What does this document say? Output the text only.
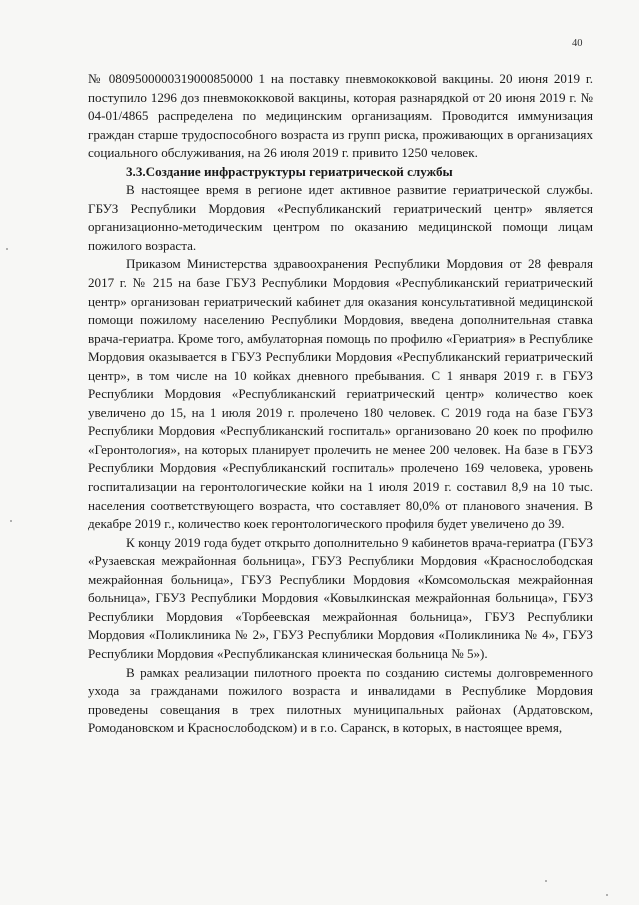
40

№ 0809500000319000850000 1 на поставку пневмококковой вакцины. 20 июня 2019 г. поступило 1296 доз пневмококковой вакцины, которая разнарядкой от 20 июня 2019 г. № 04-01/4865 распределена по медицинским организациям. Проводится иммунизация граждан старше трудоспособного возраста из групп риска, проживающих в организациях социального обслуживания, на 26 июля 2019 г. привито 1250 человек.

3.3.Создание инфраструктуры гериатрической службы

В настоящее время в регионе идет активное развитие гериатрической службы. ГБУЗ Республики Мордовия «Республиканский гериатрический центр» является организационно-методическим центром по оказанию медицинской помощи лицам пожилого возраста.

Приказом Министерства здравоохранения Республики Мордовия от 28 февраля 2017 г. № 215 на базе ГБУЗ Республики Мордовия «Республиканский гериатрический центр» организован гериатрический кабинет для оказания консультативной медицинской помощи пожилому населению Республики Мордовия, введена дополнительная ставка врача-гериатра. Кроме того, амбулаторная помощь по профилю «Гериатрия» в Республике Мордовия оказывается в ГБУЗ Республики Мордовия «Республиканский гериатрический центр», в том числе на 10 койках дневного пребывания. С 1 января 2019 г. в ГБУЗ Республики Мордовия «Республиканский гериатрический центр» количество коек увеличено до 15, на 1 июля 2019 г. пролечено 180 человек. С 2019 года на базе ГБУЗ Республики Мордовия «Республиканский госпиталь» организовано 20 коек по профилю «Геронтология», на которых планирует пролечить не менее 200 человек. На базе в ГБУЗ Республики Мордовия «Республиканский госпиталь» пролечено 169 человека, уровень госпитализации на геронтологические койки на 1 июля 2019 г. составил 8,9 на 10 тыс. населения соответствующего возраста, что составляет 80,0% от планового значения. В декабре 2019 г., количество коек геронтологического профиля будет увеличено до 39.

К концу 2019 года будет открыто дополнительно 9 кабинетов врача-гериатра (ГБУЗ «Рузаевская межрайонная больница», ГБУЗ Республики Мордовия «Краснослободская межрайонная больница», ГБУЗ Республики Мордовия «Комсомольская межрайонная больница», ГБУЗ Республики Мордовия «Ковылкинская межрайонная больница», ГБУЗ Республики Мордовия «Торбеевская межрайонная больница», ГБУЗ Республики Мордовия «Поликлиника № 2», ГБУЗ Республики Мордовия «Поликлиника № 4», ГБУЗ Республики Мордовия «Республиканская клиническая больница № 5»).

В рамках реализации пилотного проекта по созданию системы долговременного ухода за гражданами пожилого возраста и инвалидами в Республике Мордовия проведены совещания в трех пилотных муниципальных районах (Ардатовском, Ромодановском и Краснослободском) и в г.о. Саранск, в которых, в настоящее время,
